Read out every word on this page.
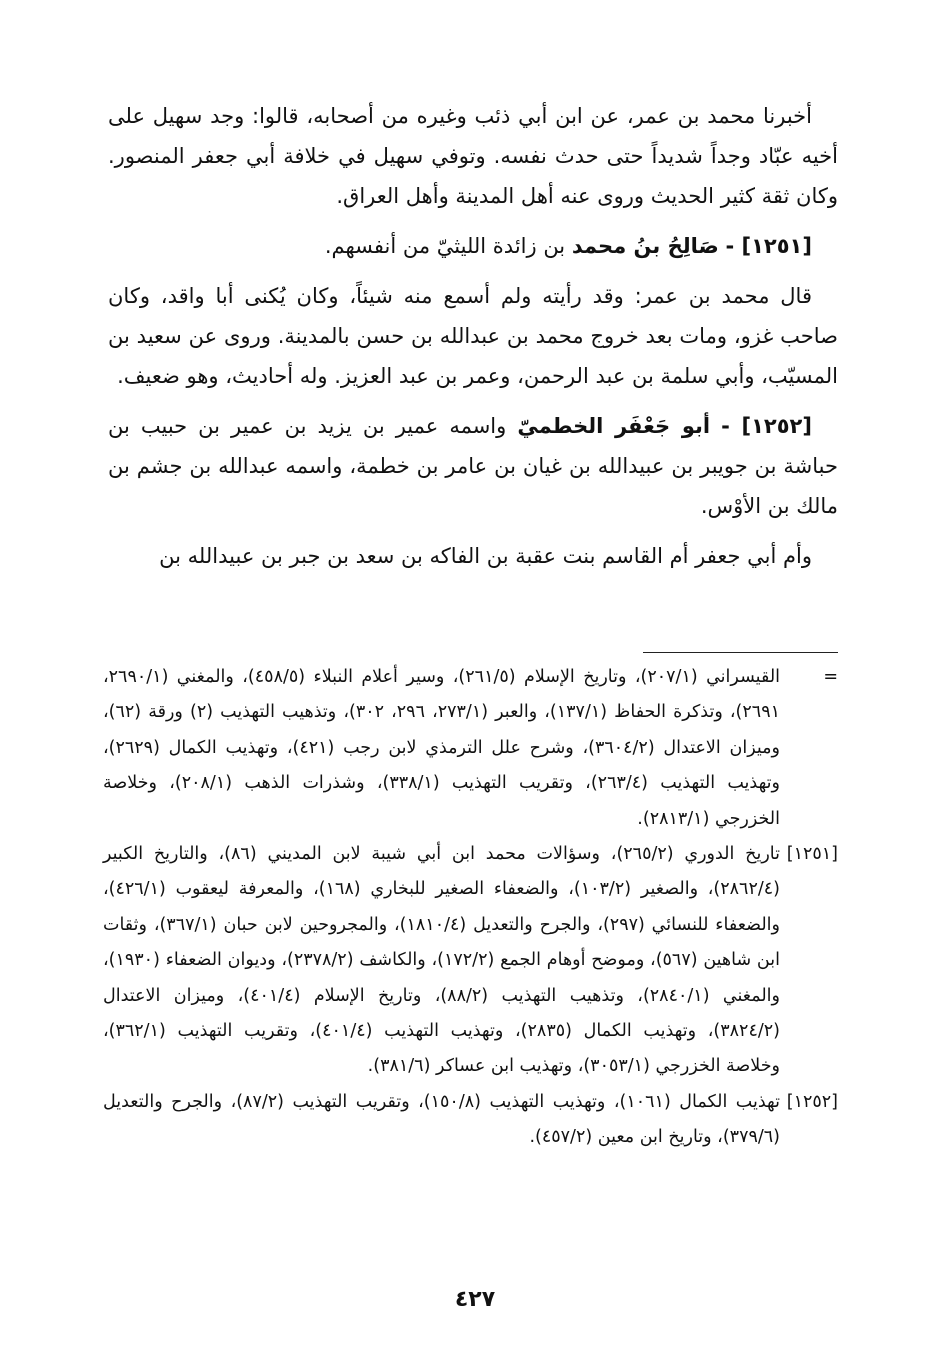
أخبرنا محمد بن عمر، عن ابن أبي ذئب وغيره من أصحابه، قالوا: وجد سهيل على أخيه عبّاد وجداً شديداً حتى حدث نفسه. وتوفي سهيل في خلافة أبي جعفر المنصور. وكان ثقة كثير الحديث وروى عنه أهل المدينة وأهل العراق.

[١٢٥١] - صَالِحُ بنُ محمد بن زائدة الليثيّ من أنفسهم.

قال محمد بن عمر: وقد رأيته ولم أسمع منه شيئاً، وكان يُكنى أبا واقد، وكان صاحب غزو، ومات بعد خروج محمد بن عبدالله بن حسن بالمدينة. وروى عن سعيد بن المسيّب، وأبي سلمة بن عبد الرحمن، وعمر بن عبد العزيز. وله أحاديث، وهو ضعيف.

[١٢٥٢] - أبو جَعْفَر الخطميّ واسمه عمير بن يزيد بن عمير بن حبيب بن حباشة بن جويبر بن عبيدالله بن غيان بن عامر بن خطمة، واسمه عبدالله بن جشم بن مالك بن الأوْس.

وأم أبي جعفر أم القاسم بنت عقبة بن الفاكه بن سعد بن جبر بن عبيدالله بن

=
القيسراني (٢٠٧/١)، وتاريخ الإسلام (٢٦١/٥)، وسير أعلام النبلاء (٤٥٨/٥)، والمغني (٢٦٩٠/١، ٢٦٩١)، وتذكرة الحفاظ (١٣٧/١)، والعبر (٢٧٣/١، ٢٩٦، ٣٠٢)، وتذهيب التهذيب (٢) ورقة (٦٢)، وميزان الاعتدال (٣٦٠٤/٢)، وشرح علل الترمذي لابن رجب (٤٢١)، وتهذيب الكمال (٢٦٢٩)، وتهذيب التهذيب (٢٦٣/٤)، وتقريب التهذيب (٣٣٨/١)، وشذرات الذهب (٢٠٨/١)، وخلاصة الخزرجي (٢٨١٣/١).
[١٢٥١]
تاريخ الدوري (٢٦٥/٢)، وسؤالات محمد ابن أبي شيبة لابن المديني (٨٦)، والتاريخ الكبير (٢٨٦٢/٤)، والصغير (١٠٣/٢)، والضعفاء الصغير للبخاري (١٦٨)، والمعرفة ليعقوب (٤٢٦/١)، والضعفاء للنسائي (٢٩٧)، والجرح والتعديل (١٨١٠/٤)، والمجروحين لابن حبان (٣٦٧/١)، وثقات ابن شاهين (٥٦٧)، وموضح أوهام الجمع (١٧٢/٢)، والكاشف (٢٣٧٨/٢)، وديوان الضعفاء (١٩٣٠)، والمغني (٢٨٤٠/١)، وتذهيب التهذيب (٨٨/٢)، وتاريخ الإسلام (٤٠١/٤)، وميزان الاعتدال (٣٨٢٤/٢)، وتهذيب الكمال (٢٨٣٥)، وتهذيب التهذيب (٤٠١/٤)، وتقريب التهذيب (٣٦٢/١)، وخلاصة الخزرجي (٣٠٥٣/١)، وتهذيب ابن عساكر (٣٨١/٦).
[١٢٥٢]
تهذيب الكمال (١٠٦١)، وتهذيب التهذيب (١٥٠/٨)، وتقريب التهذيب (٨٧/٢)، والجرح والتعديل (٣٧٩/٦)، وتاريخ ابن معين (٤٥٧/٢).
٤٢٧
